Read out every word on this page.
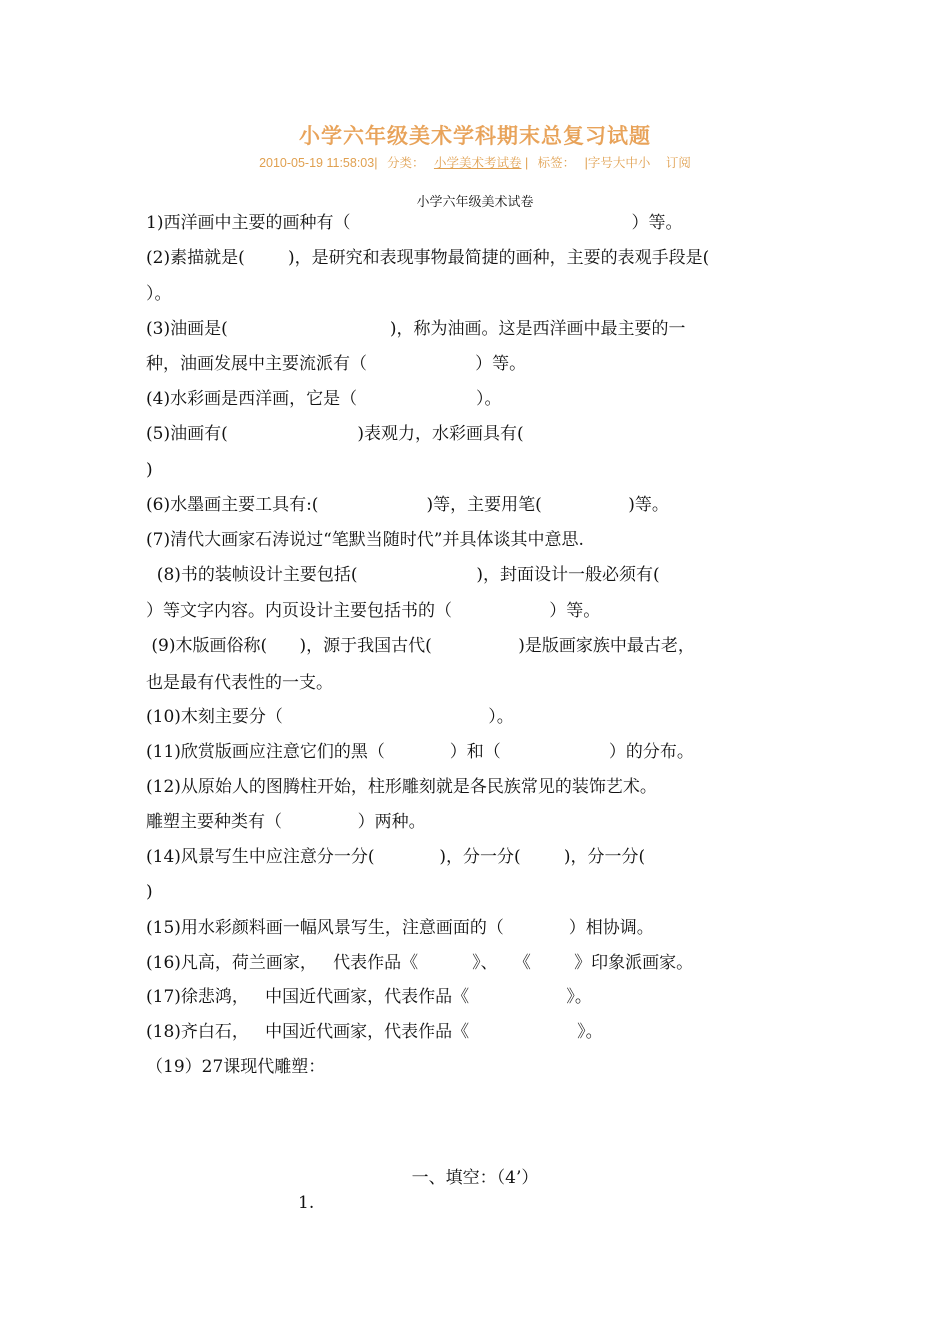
小学六年级美术学科期末总复习试题
2010-05-19 11:58:03| 分类： 小学美术考试卷 | 标签： |字号大中小 订阅
小学六年级美术试卷
1)西洋画中主要的画种有（                                                    ）等。
(2)素描就是(        )，是研究和表现事物最简捷的画种，主要的表观手段是(
）。
(3)油画是(                              )，称为油画。这是西洋画中最主要的一
种，油画发展中主要流派有（                    ）等。
(4)水彩画是西洋画，它是（                      ）。
(5)油画有(                        )表观力，水彩画具有(
)
(6)水墨画主要工具有:(                    )等，主要用笔(                )等。
(7)清代大画家石涛说过“笔默当随时代”并具体谈其中意思.
(8)书的装帧设计主要包括(                      )，封面设计一般必须有(
）等文字内容。内页设计主要包括书的（                  ）等。
(9)木版画俗称(      )，源于我国古代(                )是版画家族中最古老，
也是最有代表性的一支。
(10)木刻主要分（                                      ）。
(11)欣赏版画应注意它们的黑（            ）和（                    ）的分布。
(12)从原始人的图腾柱开始，柱形雕刻就是各民族常见的装饰艺术。
雕塑主要种类有（              ）两种。
(14)风景写生中应注意分一分(            )，分一分(        )，分一分(
)
(15)用水彩颜料画一幅风景写生，注意画面的（            ）相协调。
(16)凡高，荷兰画家，   代表作品《          》、   《        》印象派画家。
(17)徐悲鸿，   中国近代画家，代表作品《                  》。
(18)齐白石，   中国近代画家，代表作品《                    》。
（19）27课现代雕塑：
一、填空：（4’）
1.
